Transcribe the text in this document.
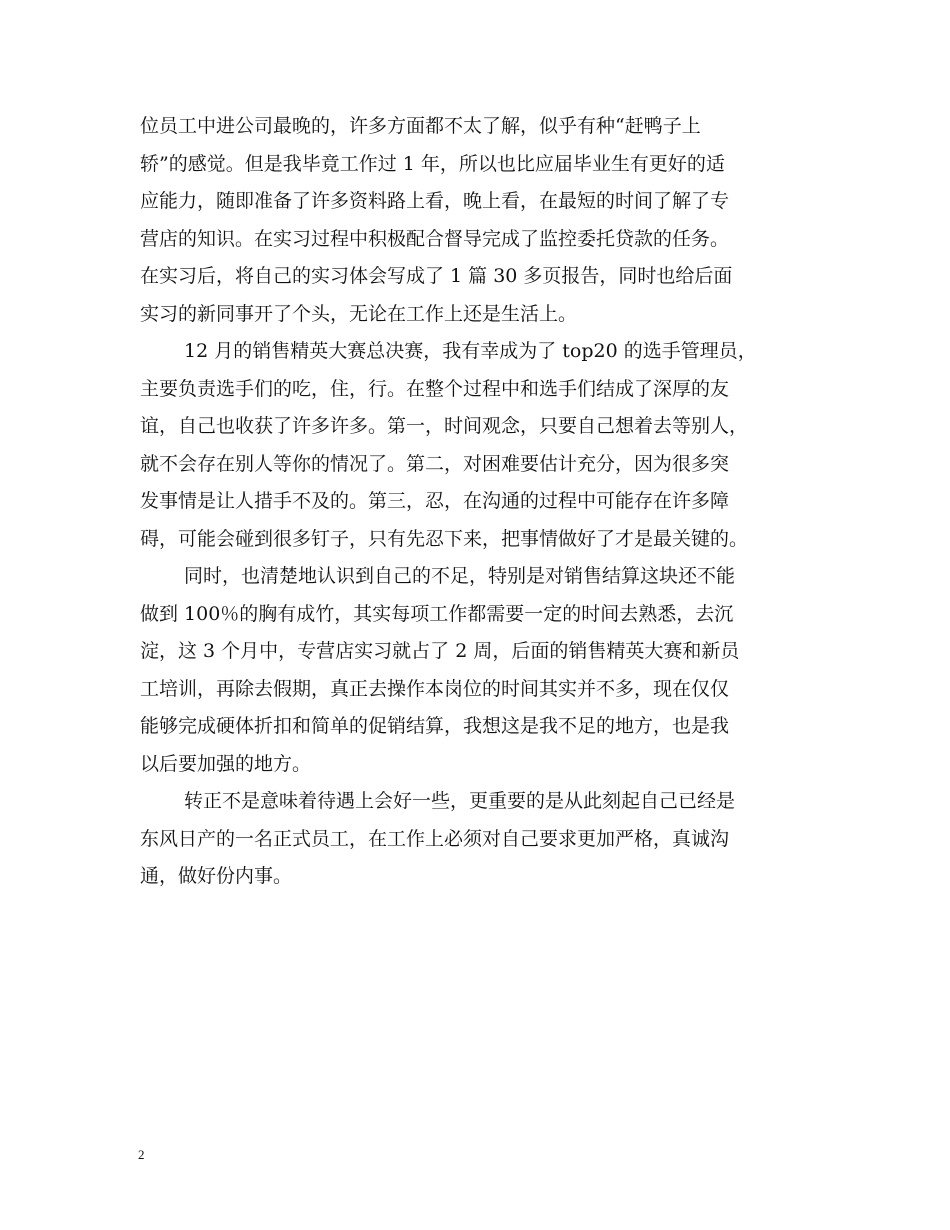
位员工中进公司最晚的，许多方面都不太了解，似乎有种“赶鸭子上
轿”的感觉。但是我毕竟工作过 1 年，所以也比应届毕业生有更好的适
应能力，随即准备了许多资料路上看，晚上看，在最短的时间了解了专
营店的知识。在实习过程中积极配合督导完成了监控委托贷款的任务。
在实习后，将自己的实习体会写成了 1 篇 30 多页报告，同时也给后面
实习的新同事开了个头，无论在工作上还是生活上。
12 月的销售精英大赛总决赛，我有幸成为了 top20 的选手管理员，
主要负责选手们的吃，住，行。在整个过程中和选手们结成了深厚的友
谊，自己也收获了许多许多。第一，时间观念，只要自己想着去等别人，
就不会存在别人等你的情况了。第二，对困难要估计充分，因为很多突
发事情是让人措手不及的。第三，忍，在沟通的过程中可能存在许多障
碍，可能会碰到很多钉子，只有先忍下来，把事情做好了才是最关键的。
同时，也清楚地认识到自己的不足，特别是对销售结算这块还不能
做到 100％的胸有成竹，其实每项工作都需要一定的时间去熟悉，去沉
淀，这 3 个月中，专营店实习就占了 2 周，后面的销售精英大赛和新员
工培训，再除去假期，真正去操作本岗位的时间其实并不多，现在仅仅
能够完成硬体折扣和简单的促销结算，我想这是我不足的地方，也是我
以后要加强的地方。
转正不是意味着待遇上会好一些，更重要的是从此刻起自己已经是
东风日产的一名正式员工，在工作上必须对自己要求更加严格，真诚沟
通，做好份内事。
2
